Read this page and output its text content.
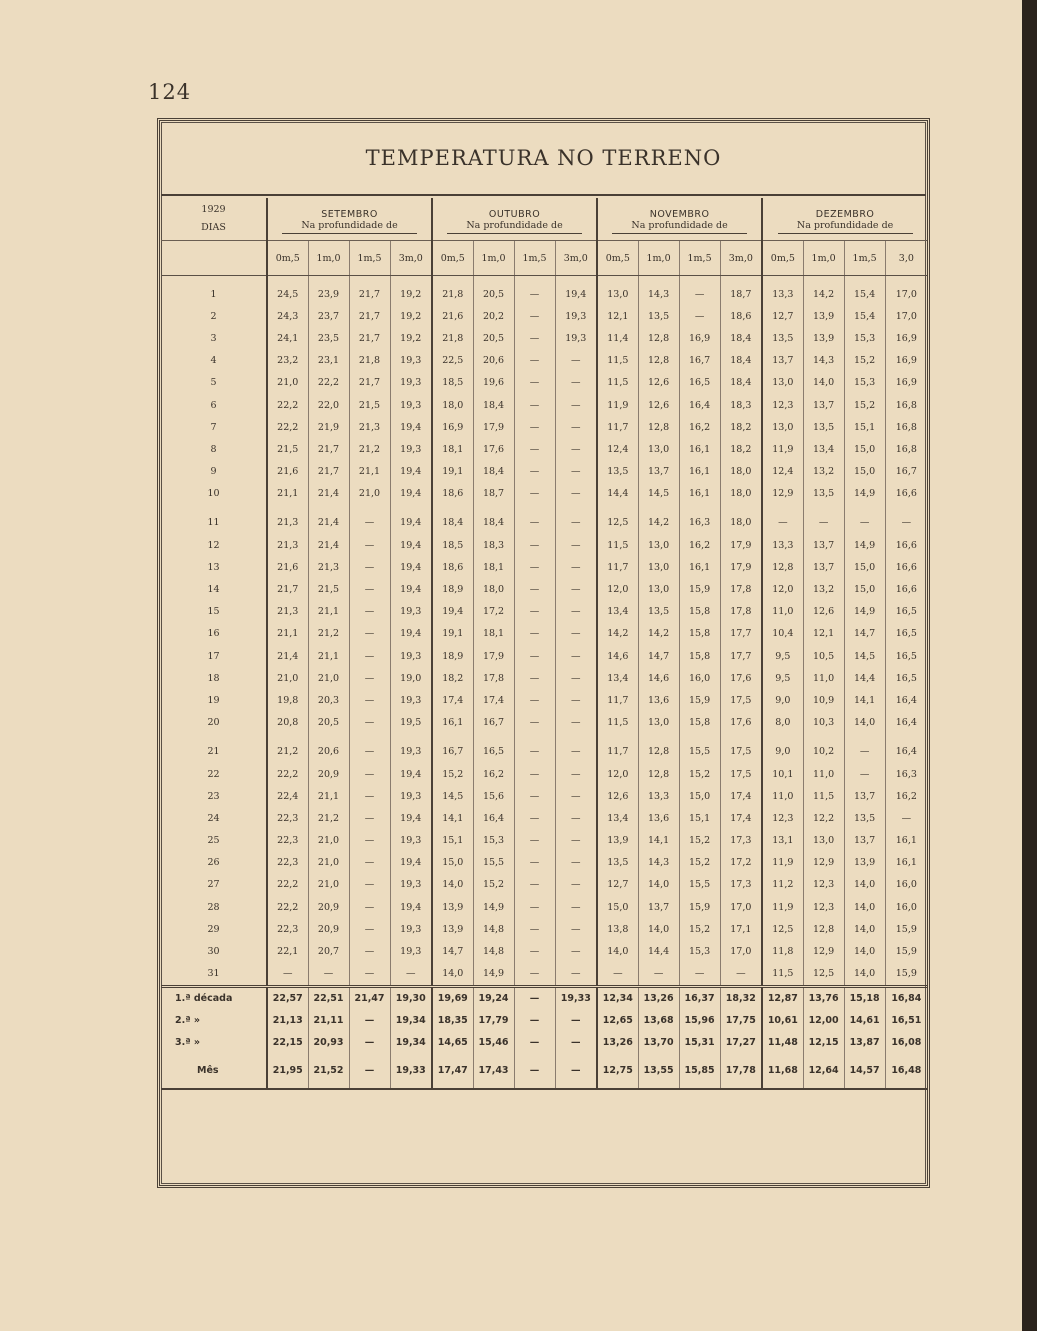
124
TEMPERATURA NO TERRENO
1929
DIAS	SETEMBRO				OUTUBRO				NOVEMBRO				DEZEMBRO			
	Na profundidade de				Na profundidade de				Na profundidade de				Na profundidade de			

	0m,5	1m,0	1m,5	3m,0	0m,5	1m,0	1m,5	3m,0	0m,5	1m,0	1m,5	3m,0	0m,5	1m,0	1m,5	3,0
1	24,5	23,9	21,7	19,2	21,8	20,5	—	19,4	13,0	14,3	—	18,7	13,3	14,2	15,4	17,0
2	24,3	23,7	21,7	19,2	21,6	20,2	—	19,3	12,1	13,5	—	18,6	12,7	13,9	15,4	17,0
3	24,1	23,5	21,7	19,2	21,8	20,5	—	19,3	11,4	12,8	16,9	18,4	13,5	13,9	15,3	16,9
4	23,2	23,1	21,8	19,3	22,5	20,6	—	—	11,5	12,8	16,7	18,4	13,7	14,3	15,2	16,9
5	21,0	22,2	21,7	19,3	18,5	19,6	—	—	11,5	12,6	16,5	18,4	13,0	14,0	15,3	16,9
6	22,2	22,0	21,5	19,3	18,0	18,4	—	—	11,9	12,6	16,4	18,3	12,3	13,7	15,2	16,8
7	22,2	21,9	21,3	19,4	16,9	17,9	—	—	11,7	12,8	16,2	18,2	13,0	13,5	15,1	16,8
8	21,5	21,7	21,2	19,3	18,1	17,6	—	—	12,4	13,0	16,1	18,2	11,9	13,4	15,0	16,8
9	21,6	21,7	21,1	19,4	19,1	18,4	—	—	13,5	13,7	16,1	18,0	12,4	13,2	15,0	16,7
10	21,1	21,4	21,0	19,4	18,6	18,7	—	—	14,4	14,5	16,1	18,0	12,9	13,5	14,9	16,6
11	21,3	21,4	—	19,4	18,4	18,4	—	—	12,5	14,2	16,3	18,0	—	—	—	—
12	21,3	21,4	—	19,4	18,5	18,3	—	—	11,5	13,0	16,2	17,9	13,3	13,7	14,9	16,6
13	21,6	21,3	—	19,4	18,6	18,1	—	—	11,7	13,0	16,1	17,9	12,8	13,7	15,0	16,6
14	21,7	21,5	—	19,4	18,9	18,0	—	—	12,0	13,0	15,9	17,8	12,0	13,2	15,0	16,6
15	21,3	21,1	—	19,3	19,4	17,2	—	—	13,4	13,5	15,8	17,8	11,0	12,6	14,9	16,5
16	21,1	21,2	—	19,4	19,1	18,1	—	—	14,2	14,2	15,8	17,7	10,4	12,1	14,7	16,5
17	21,4	21,1	—	19,3	18,9	17,9	—	—	14,6	14,7	15,8	17,7	9,5	10,5	14,5	16,5
18	21,0	21,0	—	19,0	18,2	17,8	—	—	13,4	14,6	16,0	17,6	9,5	11,0	14,4	16,5
19	19,8	20,3	—	19,3	17,4	17,4	—	—	11,7	13,6	15,9	17,5	9,0	10,9	14,1	16,4
20	20,8	20,5	—	19,5	16,1	16,7	—	—	11,5	13,0	15,8	17,6	8,0	10,3	14,0	16,4
21	21,2	20,6	—	19,3	16,7	16,5	—	—	11,7	12,8	15,5	17,5	9,0	10,2	—	16,4
22	22,2	20,9	—	19,4	15,2	16,2	—	—	12,0	12,8	15,2	17,5	10,1	11,0	—	16,3
23	22,4	21,1	—	19,3	14,5	15,6	—	—	12,6	13,3	15,0	17,4	11,0	11,5	13,7	16,2
24	22,3	21,2	—	19,4	14,1	16,4	—	—	13,4	13,6	15,1	17,4	12,3	12,2	13,5	—
25	22,3	21,0	—	19,3	15,1	15,3	—	—	13,9	14,1	15,2	17,3	13,1	13,0	13,7	16,1
26	22,3	21,0	—	19,4	15,0	15,5	—	—	13,5	14,3	15,2	17,2	11,9	12,9	13,9	16,1
27	22,2	21,0	—	19,3	14,0	15,2	—	—	12,7	14,0	15,5	17,3	11,2	12,3	14,0	16,0
28	22,2	20,9	—	19,4	13,9	14,9	—	—	15,0	13,7	15,9	17,0	11,9	12,3	14,0	16,0
29	22,3	20,9	—	19,3	13,9	14,8	—	—	13,8	14,0	15,2	17,1	12,5	12,8	14,0	15,9
30	22,1	20,7	—	19,3	14,7	14,8	—	—	14,0	14,4	15,3	17,0	11,8	12,9	14,0	15,9
31	—	—	—	—	14,0	14,9	—	—	—	—	—	—	11,5	12,5	14,0	15,9
1.ª década	22,57	22,51	21,47	19,30	19,69	19,24	—	19,33	12,34	13,26	16,37	18,32	12,87	13,76	15,18	16,84
2.ª »	21,13	21,11	—	19,34	18,35	17,79	—	—	12,65	13,68	15,96	17,75	10,61	12,00	14,61	16,51
3.ª »	22,15	20,93	—	19,34	14,65	15,46	—	—	13,26	13,70	15,31	17,27	11,48	12,15	13,87	16,08
Mês	21,95	21,52	—	19,33	17,47	17,43	—	—	12,75	13,55	15,85	17,78	11,68	12,64	14,57	16,48
